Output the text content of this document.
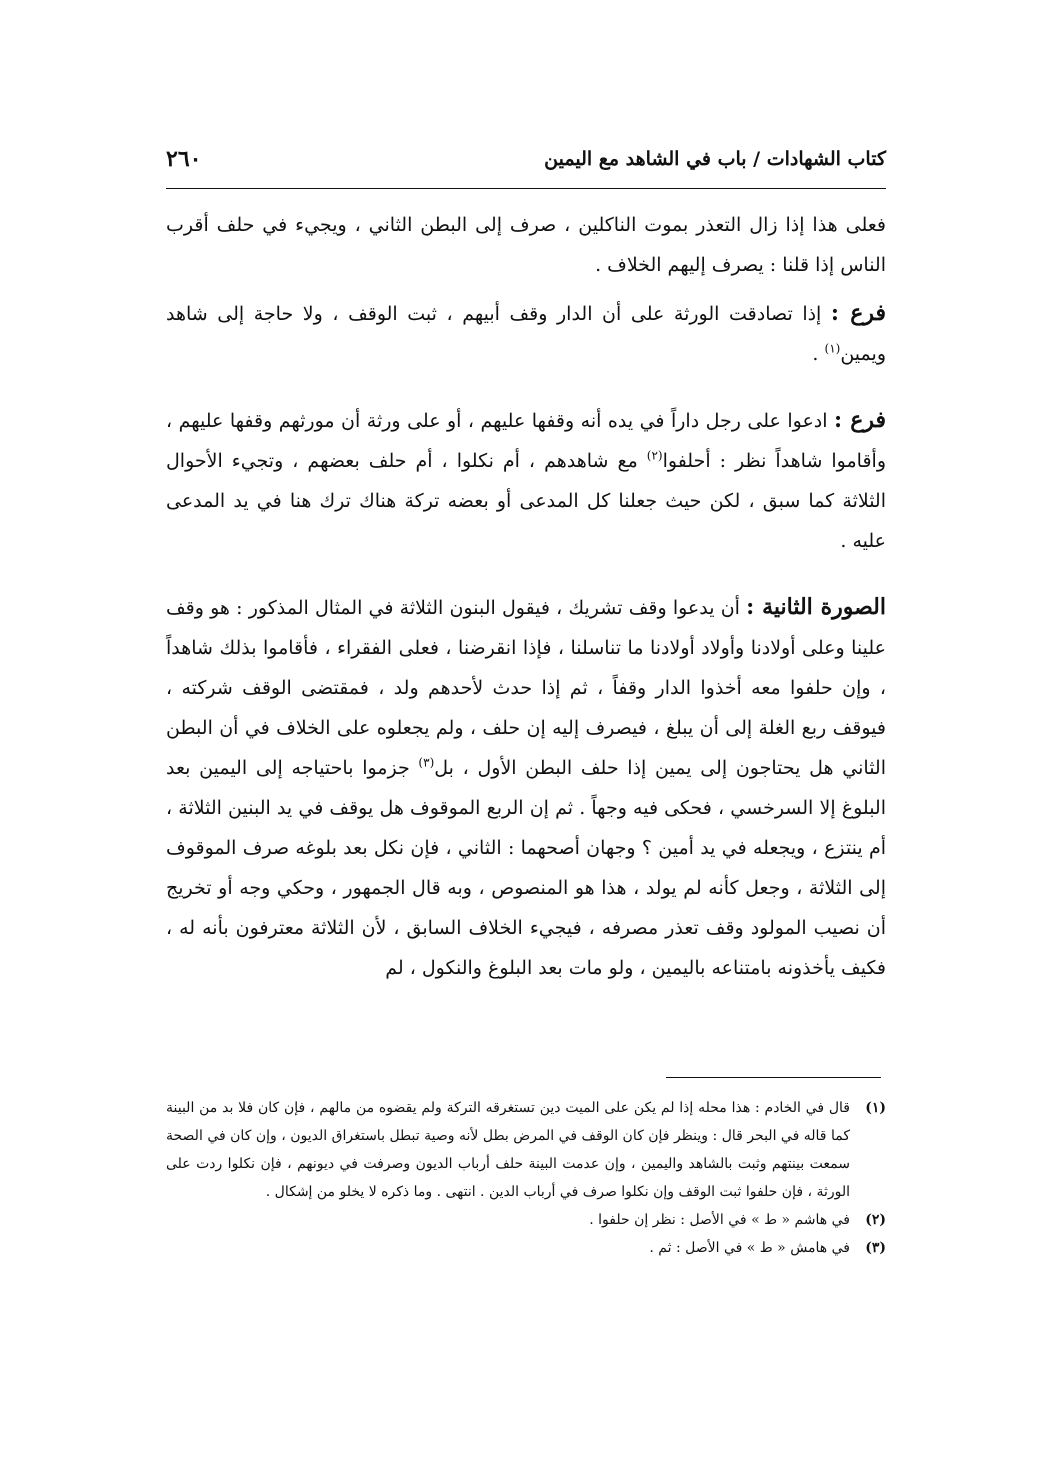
كتاب الشهادات / باب في الشاهد مع اليمين
٢٦٠

فعلى هذا إذا زال التعذر بموت الناكلين ، صرف إلى البطن الثاني ، ويجيء في حلف أقرب الناس إذا قلنا : يصرف إليهم الخلاف .

فرع : إذا تصادقت الورثة على أن الدار وقف أبيهم ، ثبت الوقف ، ولا حاجة إلى شاهد ويمين$^{(١)}$ .

فرع : ادعوا على رجل داراً في يده أنه وقفها عليهم ، أو على ورثة أن مورثهم وقفها عليهم ، وأقاموا شاهداً نظر : أحلفوا$^{(٢)}$ مع شاهدهم ، أم نكلوا ، أم حلف بعضهم ، وتجيء الأحوال الثلاثة كما سبق ، لكن حيث جعلنا كل المدعى أو بعضه تركة هناك ترك هنا في يد المدعى عليه .

الصورة الثانية : أن يدعوا وقف تشريك ، فيقول البنون الثلاثة في المثال المذكور : هو وقف علينا وعلى أولادنا وأولاد أولادنا ما تناسلنا ، فإذا انقرضنا ، فعلى الفقراء ، فأقاموا بذلك شاهداً ، وإن حلفوا معه أخذوا الدار وقفاً ، ثم إذا حدث لأحدهم ولد ، فمقتضى الوقف شركته ، فيوقف ربع الغلة إلى أن يبلغ ، فيصرف إليه إن حلف ، ولم يجعلوه على الخلاف في أن البطن الثاني هل يحتاجون إلى يمين إذا حلف البطن الأول ، بل$^{(٣)}$ جزموا باحتياجه إلى اليمين بعد البلوغ إلا السرخسي ، فحكى فيه وجهاً . ثم إن الربع الموقوف هل يوقف في يد البنين الثلاثة ، أم ينتزع ، ويجعله في يد أمين ؟ وجهان أصحهما : الثاني ، فإن نكل بعد بلوغه صرف الموقوف إلى الثلاثة ، وجعل كأنه لم يولد ، هذا هو المنصوص ، وبه قال الجمهور ، وحكي وجه أو تخريج أن نصيب المولود وقف تعذر مصرفه ، فيجيء الخلاف السابق ، لأن الثلاثة معترفون بأنه له ، فكيف يأخذونه بامتناعه باليمين ، ولو مات بعد البلوغ والنكول ، لم

(١)
قال في الخادم : هذا محله إذا لم يكن على الميت دين تستغرقه التركة ولم يقضوه من مالهم ، فإن كان فلا بد من البينة كما قاله في البحر قال : وينظر فإن كان الوقف في المرض بطل لأنه وصية تبطل باستغراق الديون ، وإن كان في الصحة سمعت بينتهم وثبت بالشاهد واليمين ، وإن عدمت البينة حلف أرباب الديون وصرفت في ديونهم ، فإن نكلوا ردت على الورثة ، فإن حلفوا ثبت الوقف وإن نكلوا صرف في أرباب الدين . انتهى . وما ذكره لا يخلو من إشكال .
(٢)
في هاشم « ط » في الأصل : نظر إن حلفوا .
(٣)
في هامش « ط » في الأصل : ثم .
